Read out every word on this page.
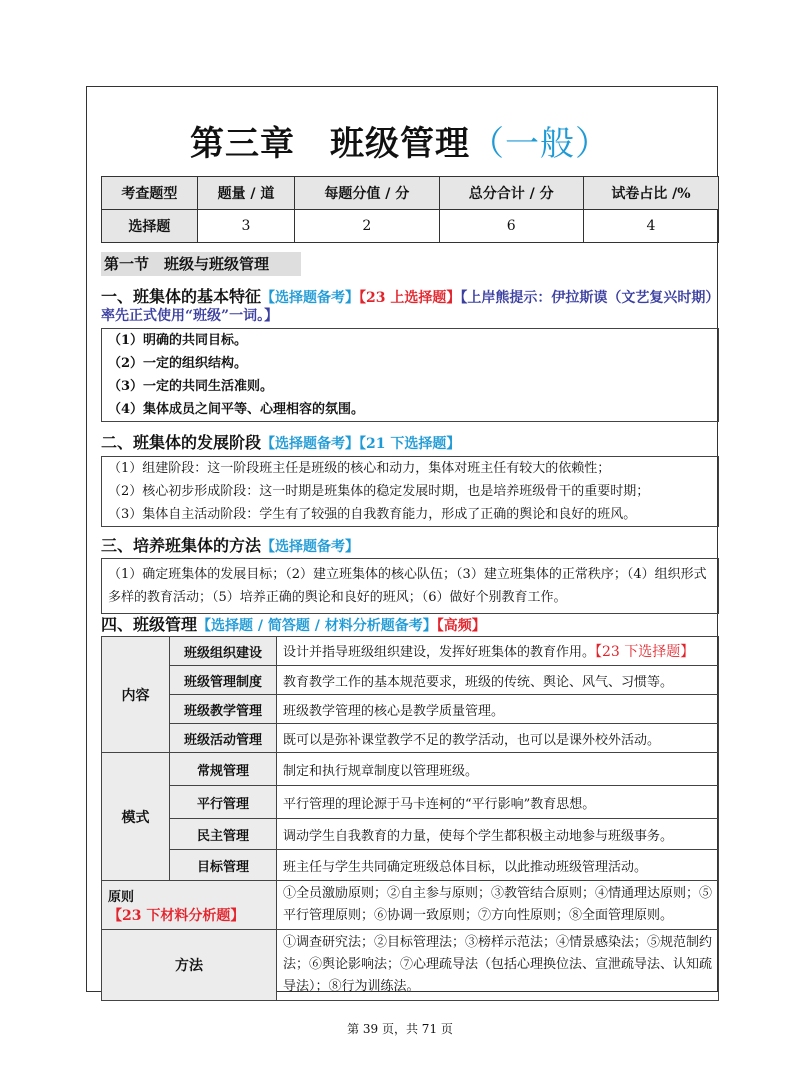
第三章　班级管理（一般）
考查题型	题量 / 道	每题分值 / 分	总分合计 / 分	试卷占比 /%
选择题	3	2	6	4
第一节　班级与班级管理
一、班集体的基本特征【选择题备考】【23 上选择题】【上岸熊提示：伊拉斯谟（文艺复兴时期）
率先正式使用“班级”一词。】
（1）明确的共同目标。
（2）一定的组织结构。
（3）一定的共同生活准则。
（4）集体成员之间平等、心理相容的氛围。
二、班集体的发展阶段【选择题备考】【21 下选择题】
（1）组建阶段：这一阶段班主任是班级的核心和动力，集体对班主任有较大的依赖性；
（2）核心初步形成阶段：这一时期是班集体的稳定发展时期，也是培养班级骨干的重要时期；
（3）集体自主活动阶段：学生有了较强的自我教育能力，形成了正确的舆论和良好的班风。
三、培养班集体的方法【选择题备考】
（1）确定班集体的发展目标；（2）建立班集体的核心队伍；（3）建立班集体的正常秩序；（4）组织形式多样的教育活动；（5）培养正确的舆论和良好的班风；（6）做好个别教育工作。
四、班级管理【选择题 / 简答题 / 材料分析题备考】【高频】
内容	班级组织建设	设计并指导班级组织建设，发挥好班集体的教育作用。【23 下选择题】
	班级管理制度	教育教学工作的基本规范要求，班级的传统、舆论、风气、习惯等。
	班级教学管理	班级教学管理的核心是教学质量管理。
	班级活动管理	既可以是弥补课堂教学不足的教学活动，也可以是课外校外活动。
模式	常规管理	制定和执行规章制度以管理班级。
	平行管理	平行管理的理论源于马卡连柯的“平行影响”教育思想。
	民主管理	调动学生自我教育的力量，使每个学生都积极主动地参与班级事务。
	目标管理	班主任与学生共同确定班级总体目标，以此推动班级管理活动。
原则【23 下材料分析题】		①全员激励原则；②自主参与原则；③教管结合原则；④情通理达原则；⑤平行管理原则；⑥协调一致原则；⑦方向性原则；⑧全面管理原则。
方法		①调查研究法；②目标管理法；③榜样示范法；④情景感染法；⑤规范制约法；⑥舆论影响法；⑦心理疏导法（包括心理换位法、宣泄疏导法、认知疏导法）；⑧行为训练法。
第 39 页，共 71 页
